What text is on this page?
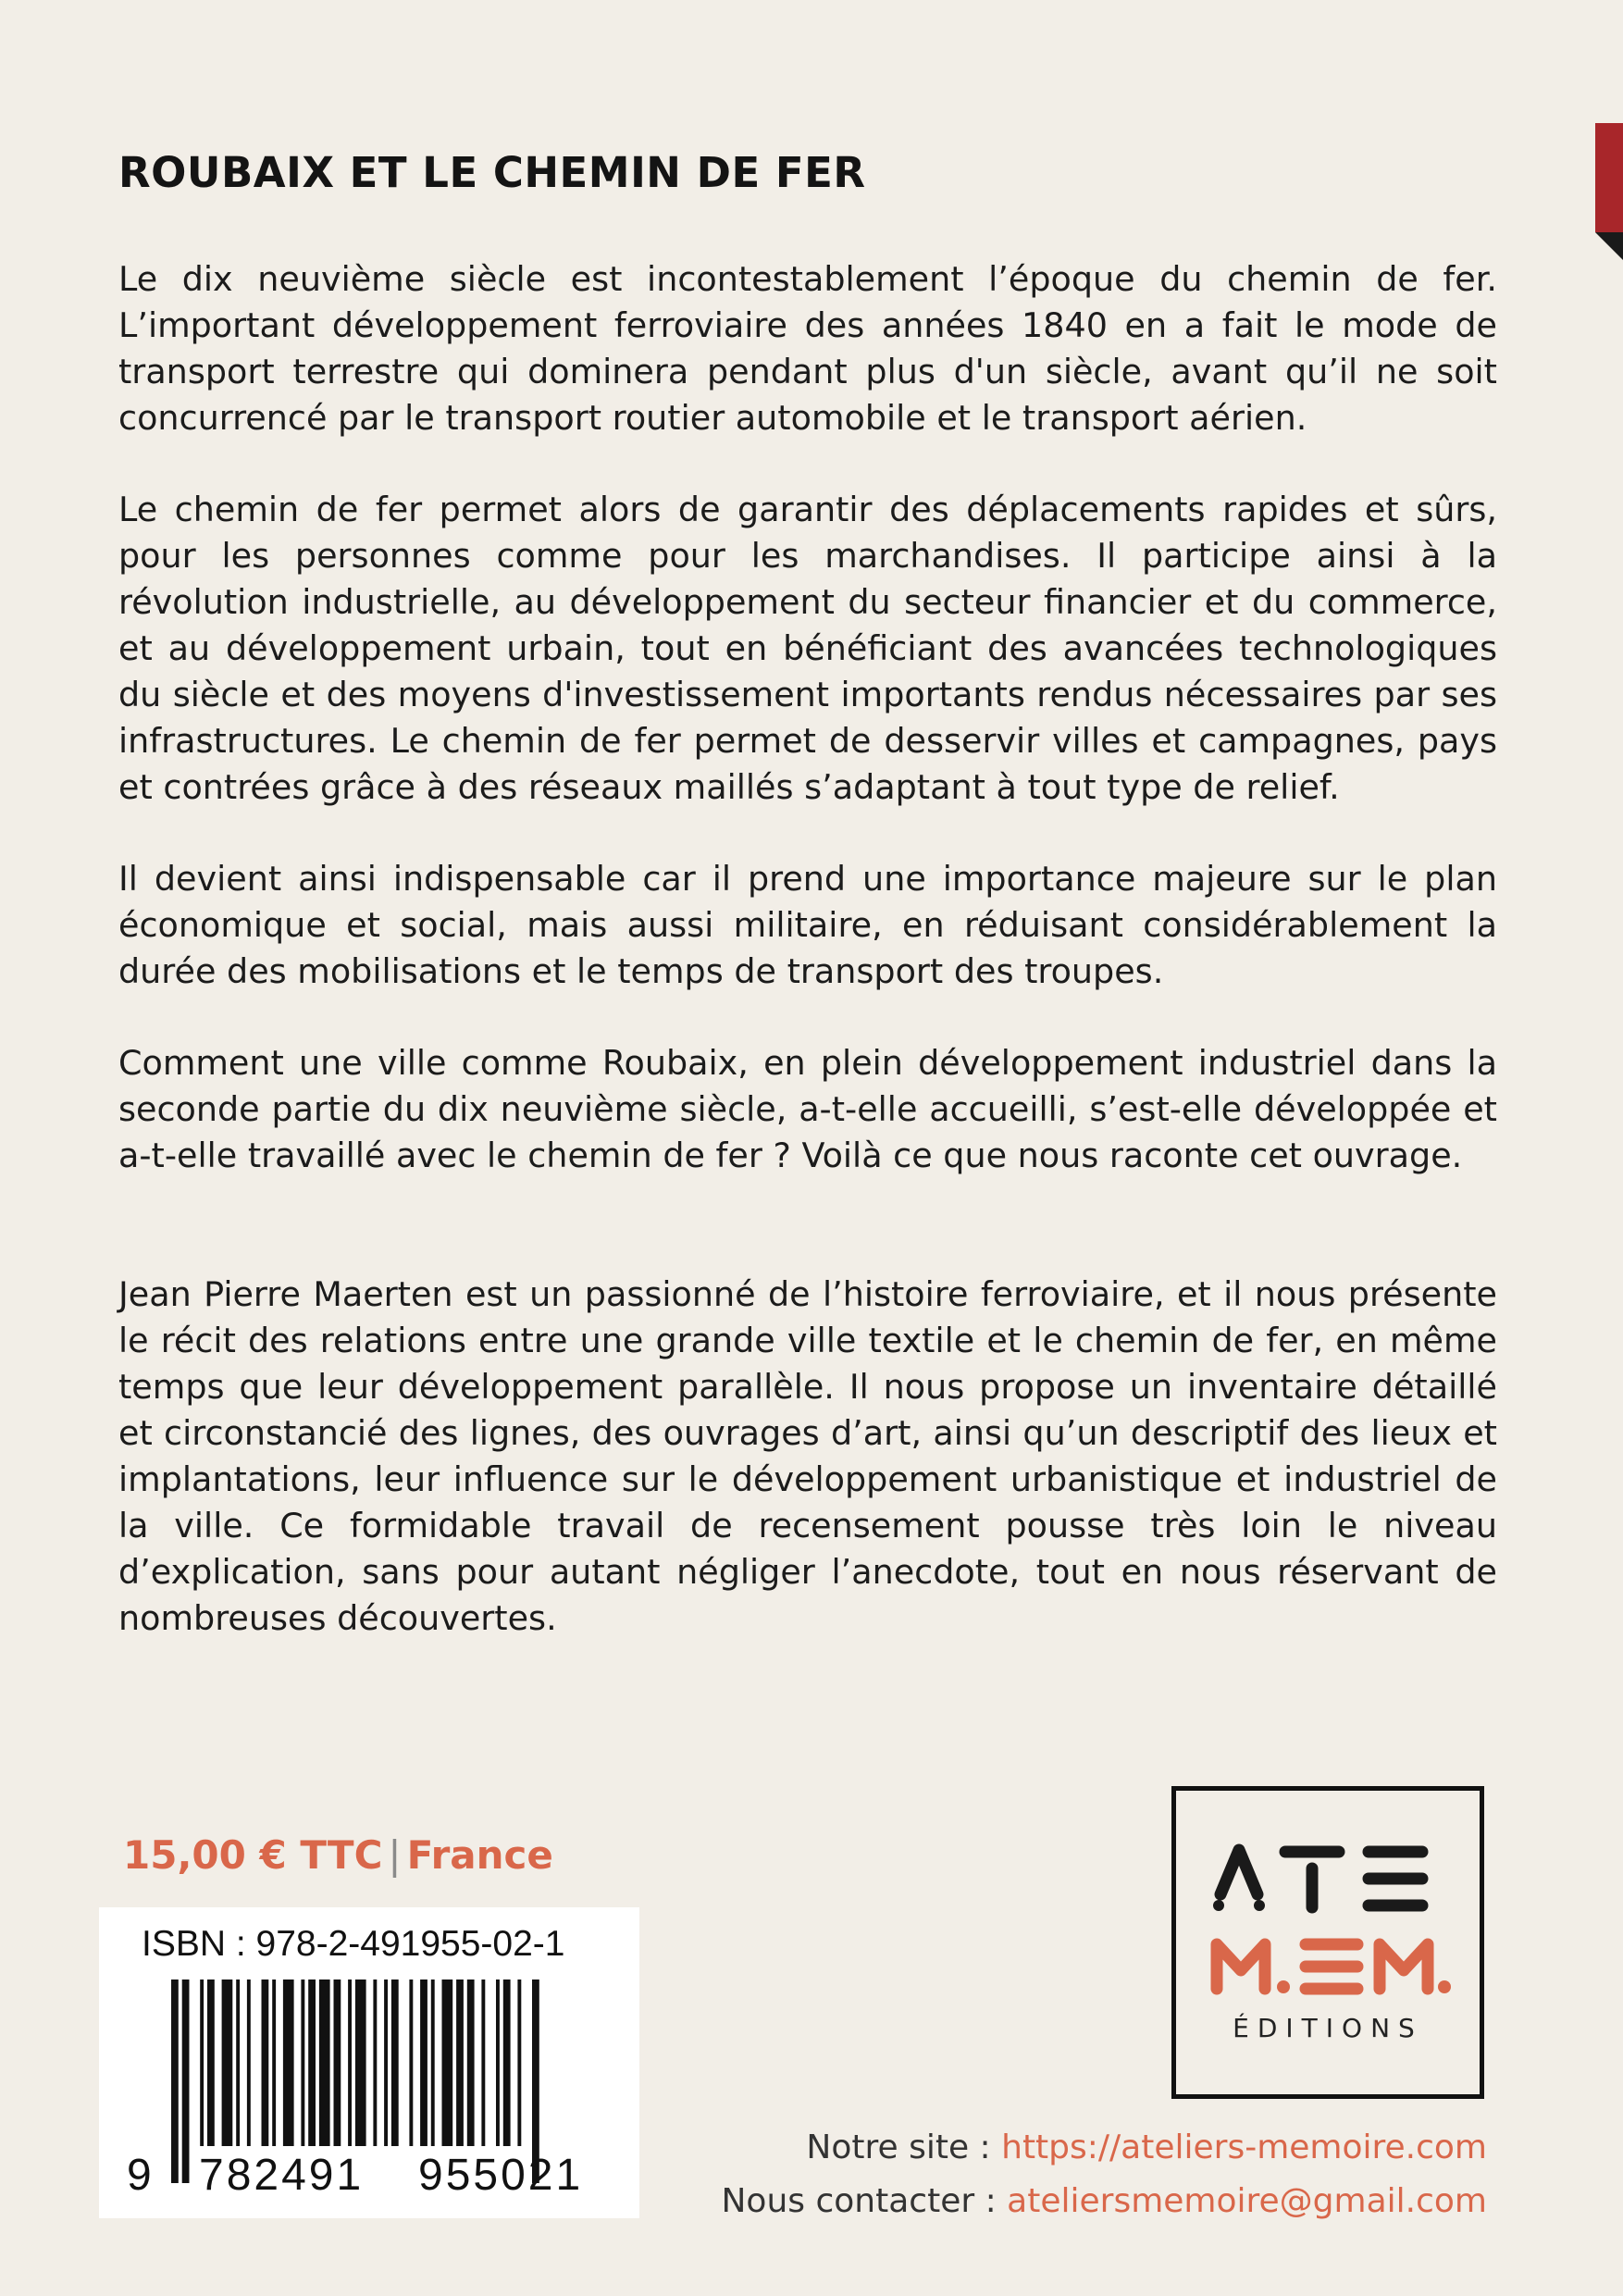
ROUBAIX ET LE CHEMIN DE FER

Le dix neuvième siècle est incontestablement l’époque du chemin de fer. L’important développement ferroviaire des années 1840 en a fait le mode de transport terrestre qui dominera pendant plus d'un siècle, avant qu’il ne soit concurrencé par le transport routier automobile et le transport aérien.

Le chemin de fer permet alors de garantir des déplacements rapides et sûrs, pour les personnes comme pour les marchandises. Il participe ainsi à la révolution industrielle, au développement du secteur financier et du commerce, et au développement urbain, tout en bénéficiant des avancées technologiques du siècle et des moyens d'investissement importants rendus nécessaires par ses infrastructures. Le chemin de fer permet de desservir villes et campagnes, pays et contrées grâce à des réseaux maillés s’adaptant à tout type de relief.

Il devient ainsi indispensable car il prend une importance majeure sur le plan économique et social, mais aussi militaire, en réduisant considérablement la durée des mobilisations et le temps de transport des troupes.

Comment une ville comme Roubaix, en plein développement industriel dans la seconde partie du dix neuvième siècle, a-t-elle accueilli, s’est-elle développée et a-t-elle travaillé avec le chemin de fer ? Voilà ce que nous raconte cet ouvrage.

Jean Pierre Maerten est un passionné de l’histoire ferroviaire, et il nous présente le récit des relations entre une grande ville textile et le chemin de fer, en même temps que leur développement parallèle. Il nous propose un inventaire détaillé et circonstancié des lignes, des ouvrages d’art, ainsi qu’un descriptif des lieux et implantations, leur influence sur le développement urbanistique et industriel de la ville. Ce formidable travail de recensement pousse très loin le niveau d’explication, sans pour autant négliger l’anecdote, tout en nous réservant de nombreuses découvertes.

15,00 € TTC | France
ISBN : 978-2-491955-02-1
9 782491 955021
ÉDITIONS
Notre site : https://ateliers-memoire.com
Nous contacter : ateliersmemoire@gmail.com
